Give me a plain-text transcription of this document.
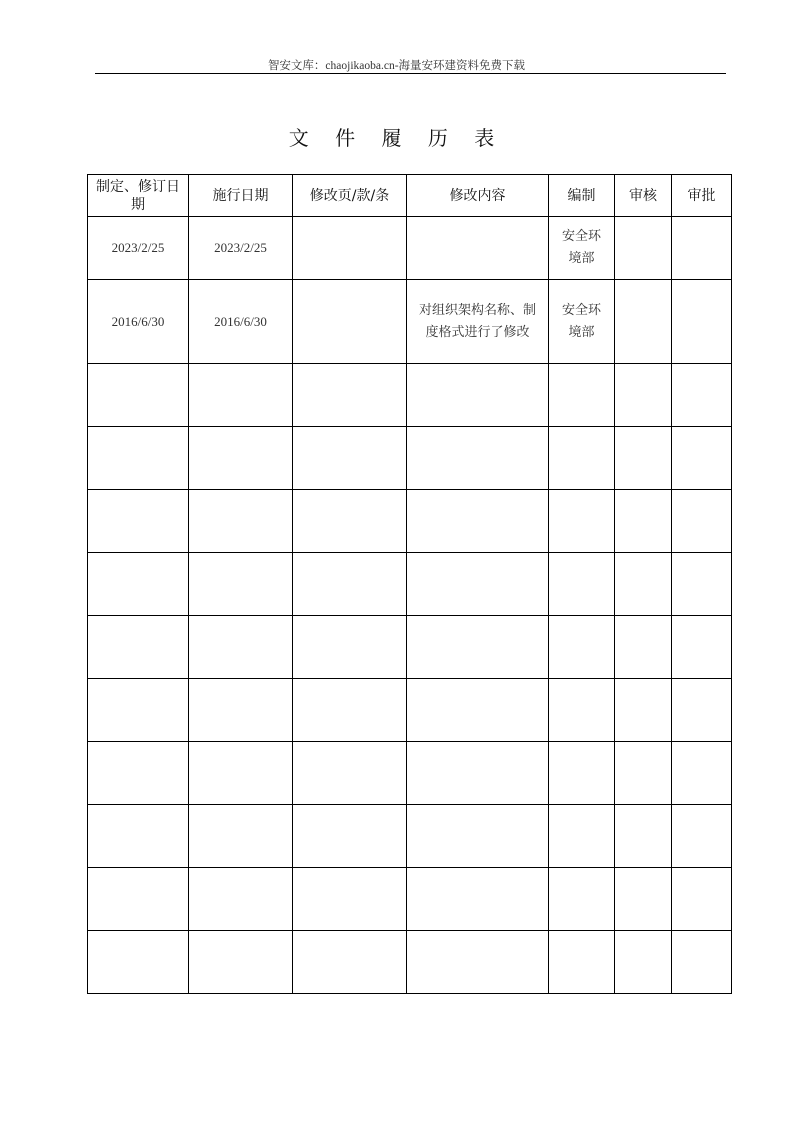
智安文库：chaojikaoba.cn-海量安环建资料免费下载
文 件 履 历 表
制定、修订日期	施行日期	修改页/款/条	修改内容	编制	审核	审批
2023/2/25	2023/2/25			安全环境部		
2016/6/30	2016/6/30		对组织架构名称、制度格式进行了修改	安全环境部		
